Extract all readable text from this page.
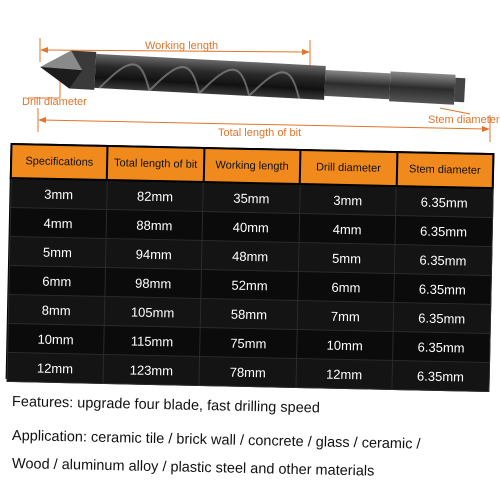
Working length
Drill diameter
Stem diameter
Total length of bit
Specifications	Total length of bit	Working length	Drill diameter	Stem diameter
3mm	82mm	35mm	3mm	6.35mm
4mm	88mm	40mm	4mm	6.35mm
5mm	94mm	48mm	5mm	6.35mm
6mm	98mm	52mm	6mm	6.35mm
8mm	105mm	58mm	7mm	6.35mm
10mm	115mm	75mm	10mm	6.35mm
12mm	123mm	78mm	12mm	6.35mm
Features: upgrade four blade, fast drilling speed
Application: ceramic tile / brick wall / concrete / glass / ceramic /
Wood / aluminum alloy / plastic steel and other materials
